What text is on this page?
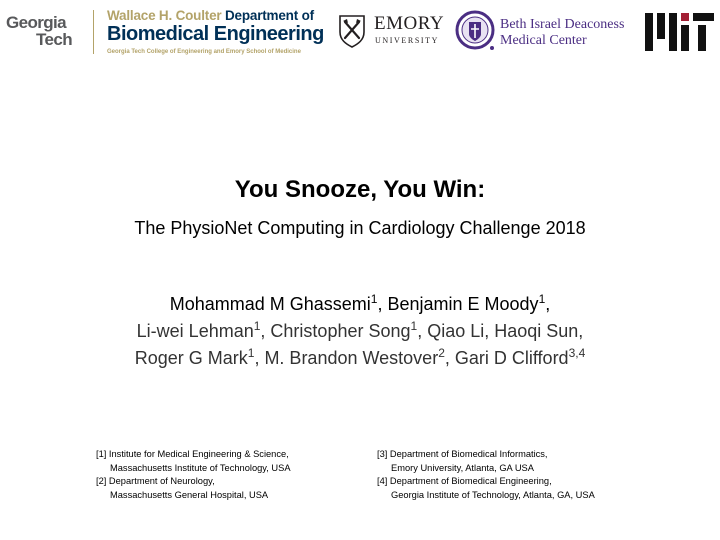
Georgia
Tech
Wallace H. Coulter Department of
Biomedical Engineering
Georgia Tech College of Engineering and Emory School of Medicine
EMORY
UNIVERSITY
Beth Israel Deaconess
Medical Center
You Snooze, You Win:
The PhysioNet Computing in Cardiology Challenge 2018
Mohammad M Ghassemi$^1$, Benjamin E Moody$^1$,
Li-wei Lehman$^1$, Christopher Song$^1$, Qiao Li, Haoqi Sun,
Roger G Mark$^1$, M. Brandon Westover$^2$, Gari D Clifford$^{3,4}$
[1] Institute for Medical Engineering & Science,
Massachusetts Institute of Technology, USA
[2] Department of Neurology,
Massachusetts General Hospital, USA
[3] Department of Biomedical Informatics,
Emory University, Atlanta, GA USA
[4] Department of Biomedical Engineering,
Georgia Institute of Technology, Atlanta, GA, USA
